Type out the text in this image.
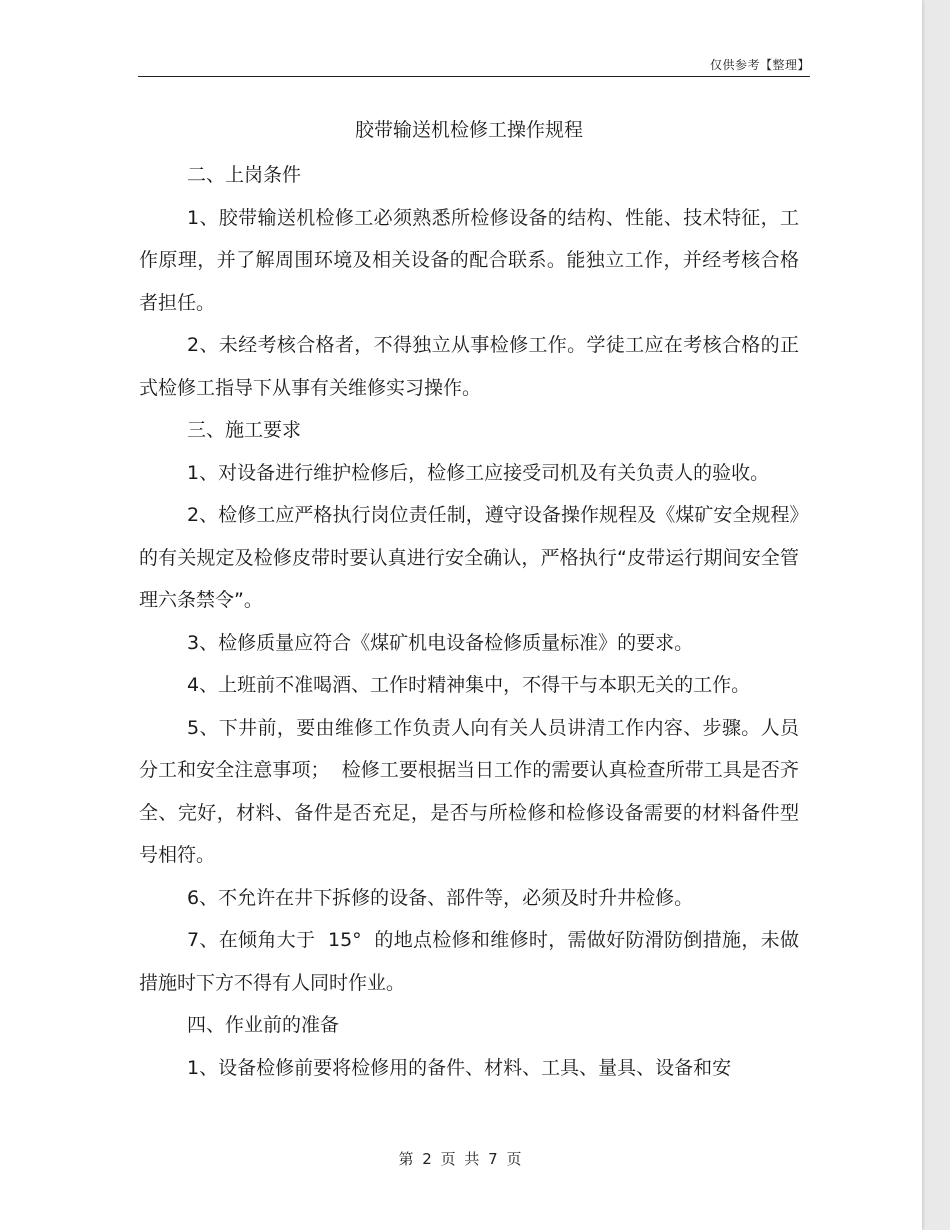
仅供参考【整理】
胶带输送机检修工操作规程

二、上岗条件

1、胶带输送机检修工必须熟悉所检修设备的结构、性能、技术特征，工作原理，并了解周围环境及相关设备的配合联系。能独立工作，并经考核合格者担任。

2、未经考核合格者，不得独立从事检修工作。学徒工应在考核合格的正式检修工指导下从事有关维修实习操作。

三、施工要求

1、对设备进行维护检修后，检修工应接受司机及有关负责人的验收。

2、检修工应严格执行岗位责任制，遵守设备操作规程及《煤矿安全规程》的有关规定及检修皮带时要认真进行安全确认，严格执行“皮带运行期间安全管理六条禁令”。

3、检修质量应符合《煤矿机电设备检修质量标准》的要求。

4、上班前不准喝酒、工作时精神集中，不得干与本职无关的工作。

5、下井前，要由维修工作负责人向有关人员讲清工作内容、步骤。人员分工和安全注意事项；  检修工要根据当日工作的需要认真检查所带工具是否齐全、完好，材料、备件是否充足，是否与所检修和检修设备需要的材料备件型号相符。

6、不允许在井下拆修的设备、部件等，必须及时升井检修。

7、在倾角大于  15°  的地点检修和维修时，需做好防滑防倒措施，未做措施时下方不得有人同时作业。

四、作业前的准备

1、设备检修前要将检修用的备件、材料、工具、量具、设备和安

第 2 页 共 7 页
